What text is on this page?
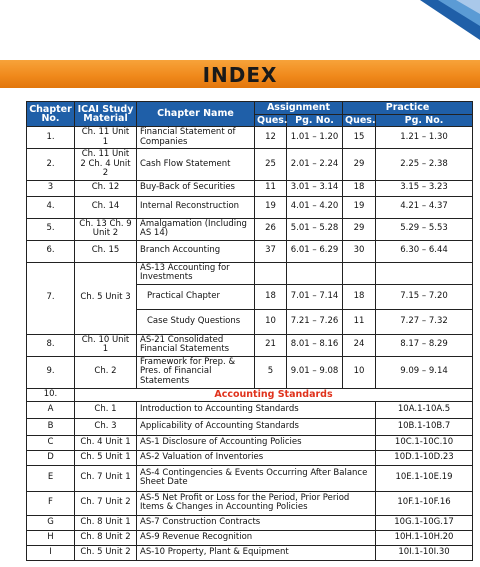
INDEX
Chapter No.	ICAI Study Material	Chapter Name	Assignment		Practice	
			Ques.	Pg. No.	Ques.	Pg. No.
1.	Ch. 11 Unit 1	Financial Statement of Companies	12	1.01 – 1.20	15	1.21 – 1.30
2.	Ch. 11 Unit 2 Ch. 4 Unit 2	Cash Flow Statement	25	2.01 – 2.24	29	2.25 – 2.38
3	Ch. 12	Buy-Back of Securities	11	3.01 – 3.14	18	3.15 – 3.23
4.	Ch. 14	Internal Reconstruction	19	4.01 – 4.20	19	4.21 – 4.37
5.	Ch. 13 Ch. 9 Unit 2	Amalgamation (Including AS 14)	26	5.01 – 5.28	29	5.29 – 5.53
6.	Ch. 15	Branch Accounting	37	6.01 – 6.29	30	6.30 – 6.44
7.	Ch. 5 Unit 3	AS-13 Accounting for Investments				
		Practical Chapter	18	7.01 – 7.14	18	7.15 – 7.20
		Case Study Questions	10	7.21 – 7.26	11	7.27 – 7.32
8.	Ch. 10 Unit 1	AS-21 Consolidated Financial Statements	21	8.01 – 8.16	24	8.17 – 8.29
9.	Ch. 2	Framework for Prep. & Pres. of Financial Statements	5	9.01 – 9.08	10	9.09 – 9.14
10.	Accounting Standards					
A	Ch. 1	Introduction to Accounting Standards				10A.1-10A.5
B	Ch. 3	Applicability of Accounting Standards				10B.1-10B.7
C	Ch. 4 Unit 1	AS-1 Disclosure of Accounting Policies				10C.1-10C.10
D	Ch. 5 Unit 1	AS-2 Valuation of Inventories				10D.1-10D.23
E	Ch. 7 Unit 1	AS-4 Contingencies & Events Occurring After Balance Sheet Date				10E.1-10E.19
F	Ch. 7 Unit 2	AS-5 Net Profit or Loss for the Period, Prior Period Items & Changes in Accounting Policies				10F.1-10F.16
G	Ch. 8 Unit 1	AS-7 Construction Contracts				10G.1-10G.17
H	Ch. 8 Unit 2	AS-9 Revenue Recognition				10H.1-10H.20
I	Ch. 5 Unit 2	AS-10 Property, Plant & Equipment				10I.1-10I.30
